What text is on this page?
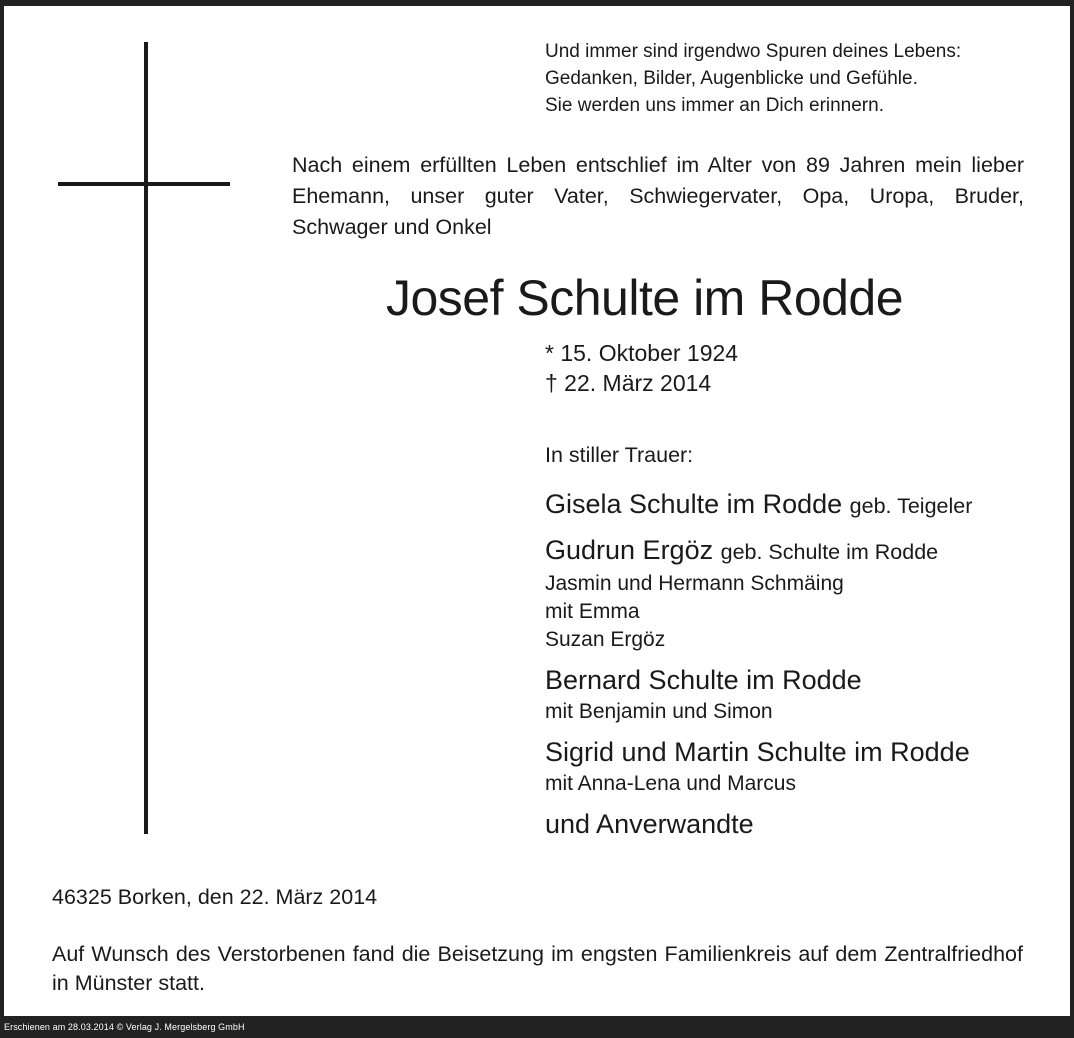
Und immer sind irgendwo Spuren deines Lebens:
Gedanken, Bilder, Augenblicke und Gefühle.
Sie werden uns immer an Dich erinnern.
Nach einem erfüllten Leben entschlief im Alter von 89 Jahren mein lieber Ehemann, unser guter Vater, Schwiegervater, Opa, Uropa, Bruder, Schwager und Onkel
Josef Schulte im Rodde
* 15. Oktober 1924
† 22. März 2014
In stiller Trauer:
Gisela Schulte im Rodde geb. Teigeler
Gudrun Ergöz geb. Schulte im Rodde
Jasmin und Hermann Schmäing
mit Emma
Suzan Ergöz
Bernard Schulte im Rodde
mit Benjamin und Simon
Sigrid und Martin Schulte im Rodde
mit Anna-Lena und Marcus
und Anverwandte
46325 Borken, den 22. März 2014
Auf Wunsch des Verstorbenen fand die Beisetzung im engsten Familienkreis auf dem Zentralfriedhof in Münster statt.
Erschienen am 28.03.2014 © Verlag J. Mergelsberg GmbH
